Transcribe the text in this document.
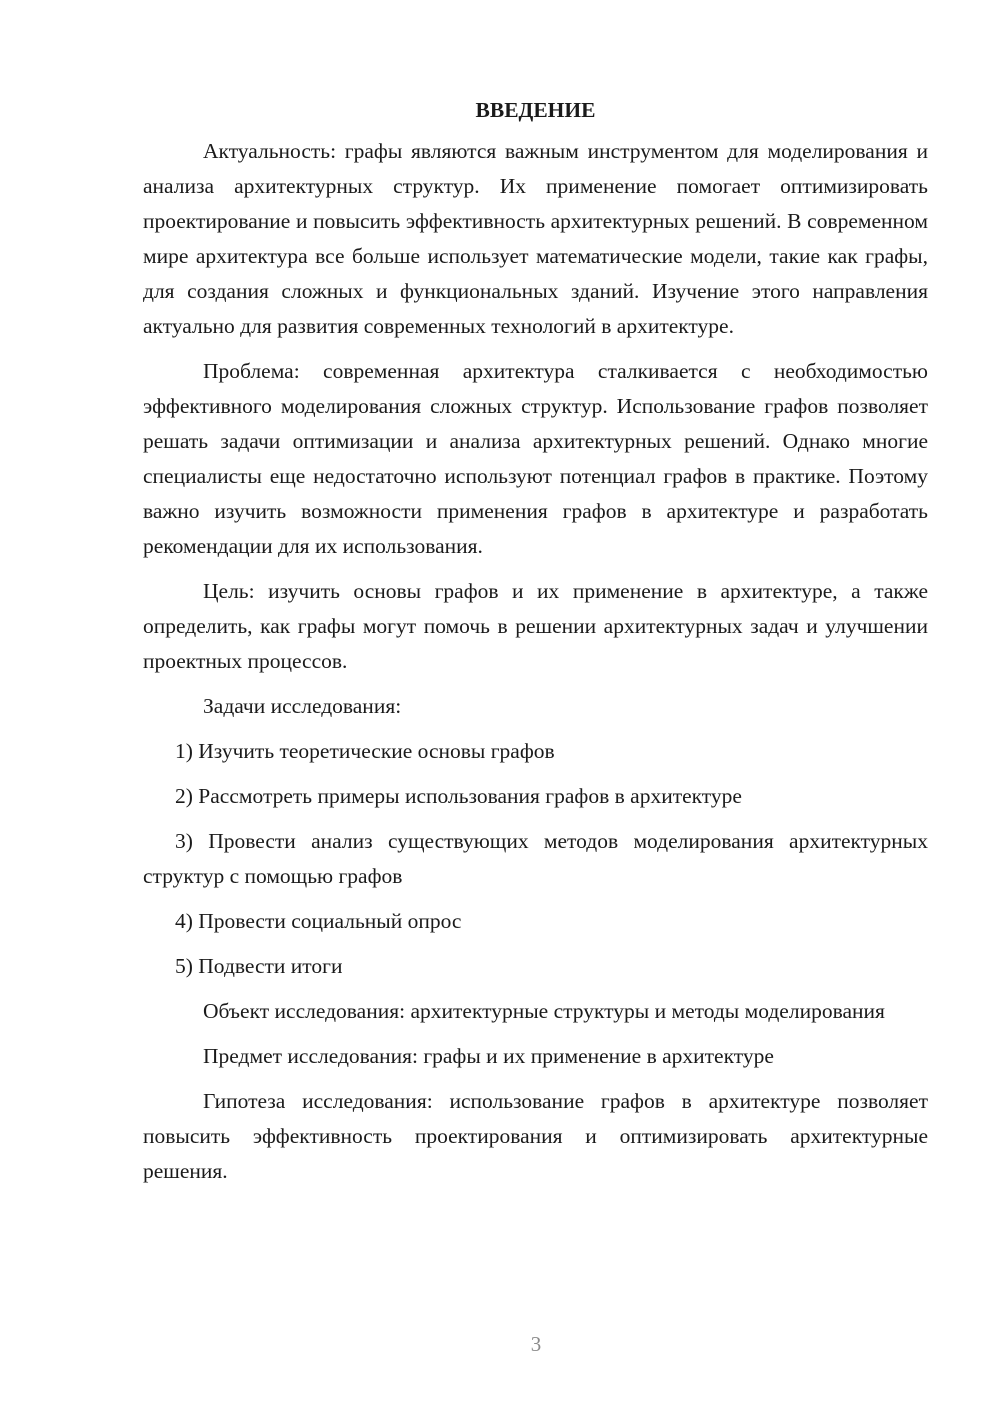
ВВЕДЕНИЕ

Актуальность: графы являются важным инструментом для моделирования и анализа архитектурных структур. Их применение помогает оптимизировать проектирование и повысить эффективность архитектурных решений. В современном мире архитектура все больше использует математические модели, такие как графы, для создания сложных и функциональных зданий. Изучение этого направления актуально для развития современных технологий в архитектуре.

Проблема: современная архитектура сталкивается с необходимостью эффективного моделирования сложных структур. Использование графов позволяет решать задачи оптимизации и анализа архитектурных решений. Однако многие специалисты еще недостаточно используют потенциал графов в практике. Поэтому важно изучить возможности применения графов в архитектуре и разработать рекомендации для их использования.

Цель: изучить основы графов и их применение в архитектуре, а также определить, как графы могут помочь в решении архитектурных задач и улучшении проектных процессов.

Задачи исследования:

1) Изучить теоретические основы графов

2) Рассмотреть примеры использования графов в архитектуре

3) Провести анализ существующих методов моделирования архитектурных структур с помощью графов

4) Провести социальный опрос

5) Подвести итоги

Объект исследования: архитектурные структуры и методы моделирования

Предмет исследования: графы и их применение в архитектуре

Гипотеза исследования: использование графов в архитектуре позволяет повысить эффективность проектирования и оптимизировать архитектурные решения.

3
